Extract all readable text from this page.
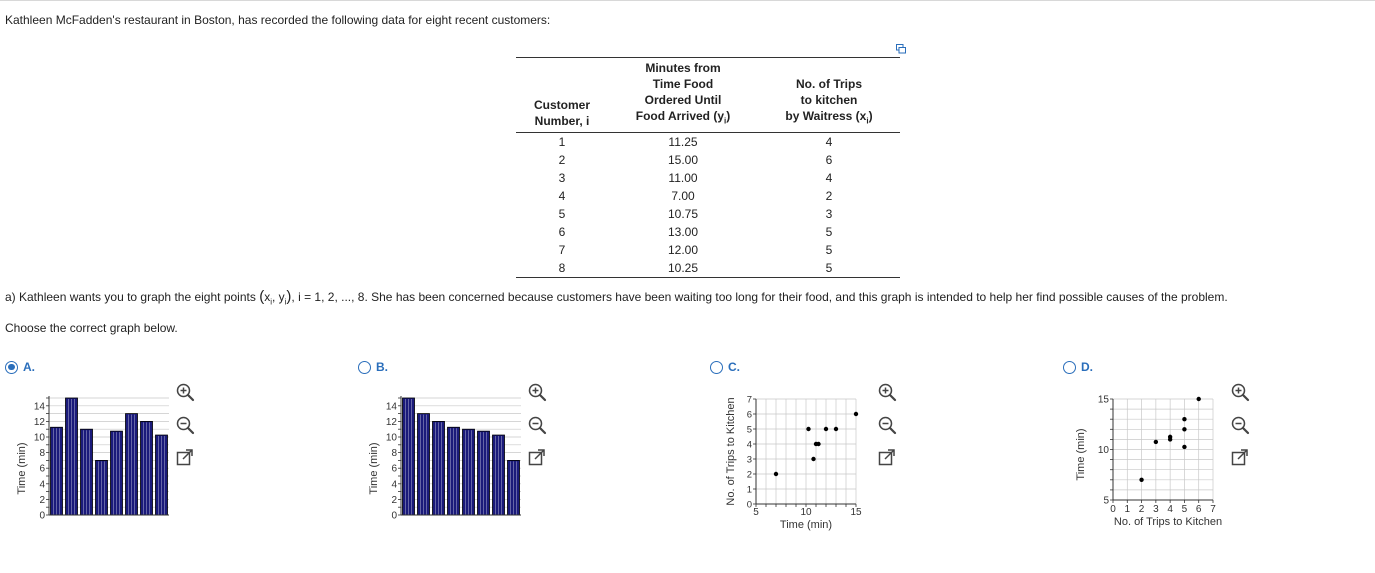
Kathleen McFadden's restaurant in Boston, has recorded the following data for eight recent customers:
Customer
Number, i	Minutes from
Time Food
Ordered Until
Food Arrived $(y_i)$	No. of Trips
to kitchen
by Waitress $(x_i)$

1	11.25	4
2	15.00	6
3	11.00	4
4	7.00	2
5	10.75	3
6	13.00	5
7	12.00	5
8	10.25	5
a) Kathleen wants you to graph the eight points ($x_i$, $y_i$), i = 1, 2, ..., 8. She has been concerned because customers have been waiting too long for their food, and this graph is intended to help her find possible causes of the problem.
Choose the correct graph below.
A.	B.	C.	D.
0
2
4
6
8
10
12
14
Time (min)
0
2
4
6
8
10
12
14
Time (min)
0
1
2
3
4
5
6
7
5	10	15
Time (min)
No. of Trips to Kitchen
0 1 2 3 4 5 6 7
5
10
15
No. of Trips to Kitchen
Time (min)
